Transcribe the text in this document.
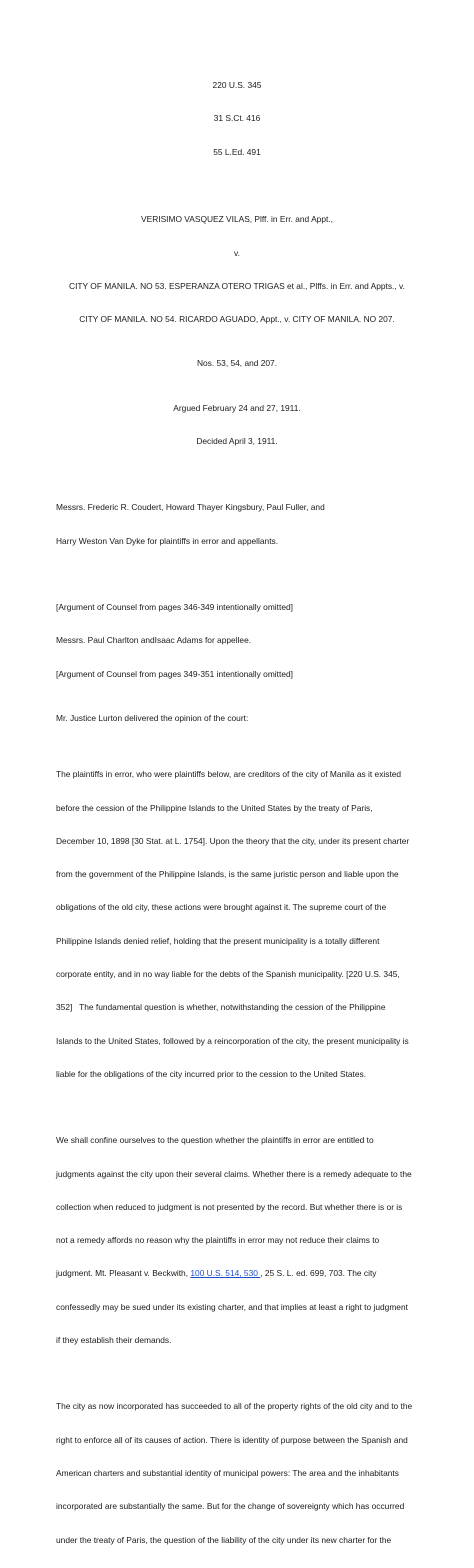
220 U.S. 345

31 S.Ct. 416

55 L.Ed. 491

VERISIMO VASQUEZ VILAS, Plff. in Err. and Appt.,

v.

CITY OF MANILA. NO 53. ESPERANZA OTERO TRIGAS et al., Plffs. in Err. and Appts., v.

CITY OF MANILA. NO 54. RICARDO AGUADO, Appt., v. CITY OF MANILA. NO 207.

Nos. 53, 54, and 207.

Argued February 24 and 27, 1911.

Decided April 3, 1911.

Messrs. Frederic R. Coudert, Howard Thayer Kingsbury, Paul Fuller, and

Harry Weston Van Dyke for plaintiffs in error and appellants.

[Argument of Counsel from pages 346-349 intentionally omitted]

Messrs. Paul Charlton andIsaac Adams for appellee.

[Argument of Counsel from pages 349-351 intentionally omitted]

Mr. Justice Lurton delivered the opinion of the court:

The plaintiffs in error, who were plaintiffs below, are creditors of the city of Manila as it existed

before the cession of the Philippine Islands to the United States by the treaty of Paris,

December 10, 1898 [30 Stat. at L. 1754]. Upon the theory that the city, under its present charter

from the government of the Philippine Islands, is the same juristic person and liable upon the

obligations of the old city, these actions were brought against it. The supreme court of the

Philippine Islands denied relief, holding that the present municipality is a totally different

corporate entity, and in no way liable for the debts of the Spanish municipality. [220 U.S. 345,

352]   The fundamental question is whether, notwithstanding the cession of the Philippine

Islands to the United States, followed by a reincorporation of the city, the present municipality is

liable for the obligations of the city incurred prior to the cession to the United States.

We shall confine ourselves to the question whether the plaintiffs in error are entitled to

judgments against the city upon their several claims. Whether there is a remedy adequate to the

collection when reduced to judgment is not presented by the record. But whether there is or is

not a remedy affords no reason why the plaintiffs in error may not reduce their claims to

judgment. Mt. Pleasant v. Beckwith, 100 U.S. 514, 530 , 25 S. L. ed. 699, 703. The city

confessedly may be sued under its existing charter, and that implies at least a right to judgment

if they establish their demands.

The city as now incorporated has succeeded to all of the property rights of the old city and to the

right to enforce all of its causes of action. There is identity of purpose between the Spanish and

American charters and substantial identity of municipal powers: The area and the inhabitants

incorporated are substantially the same. But for the change of sovereignty which has occurred

under the treaty of Paris, the question of the liability of the city under its new charter for the
